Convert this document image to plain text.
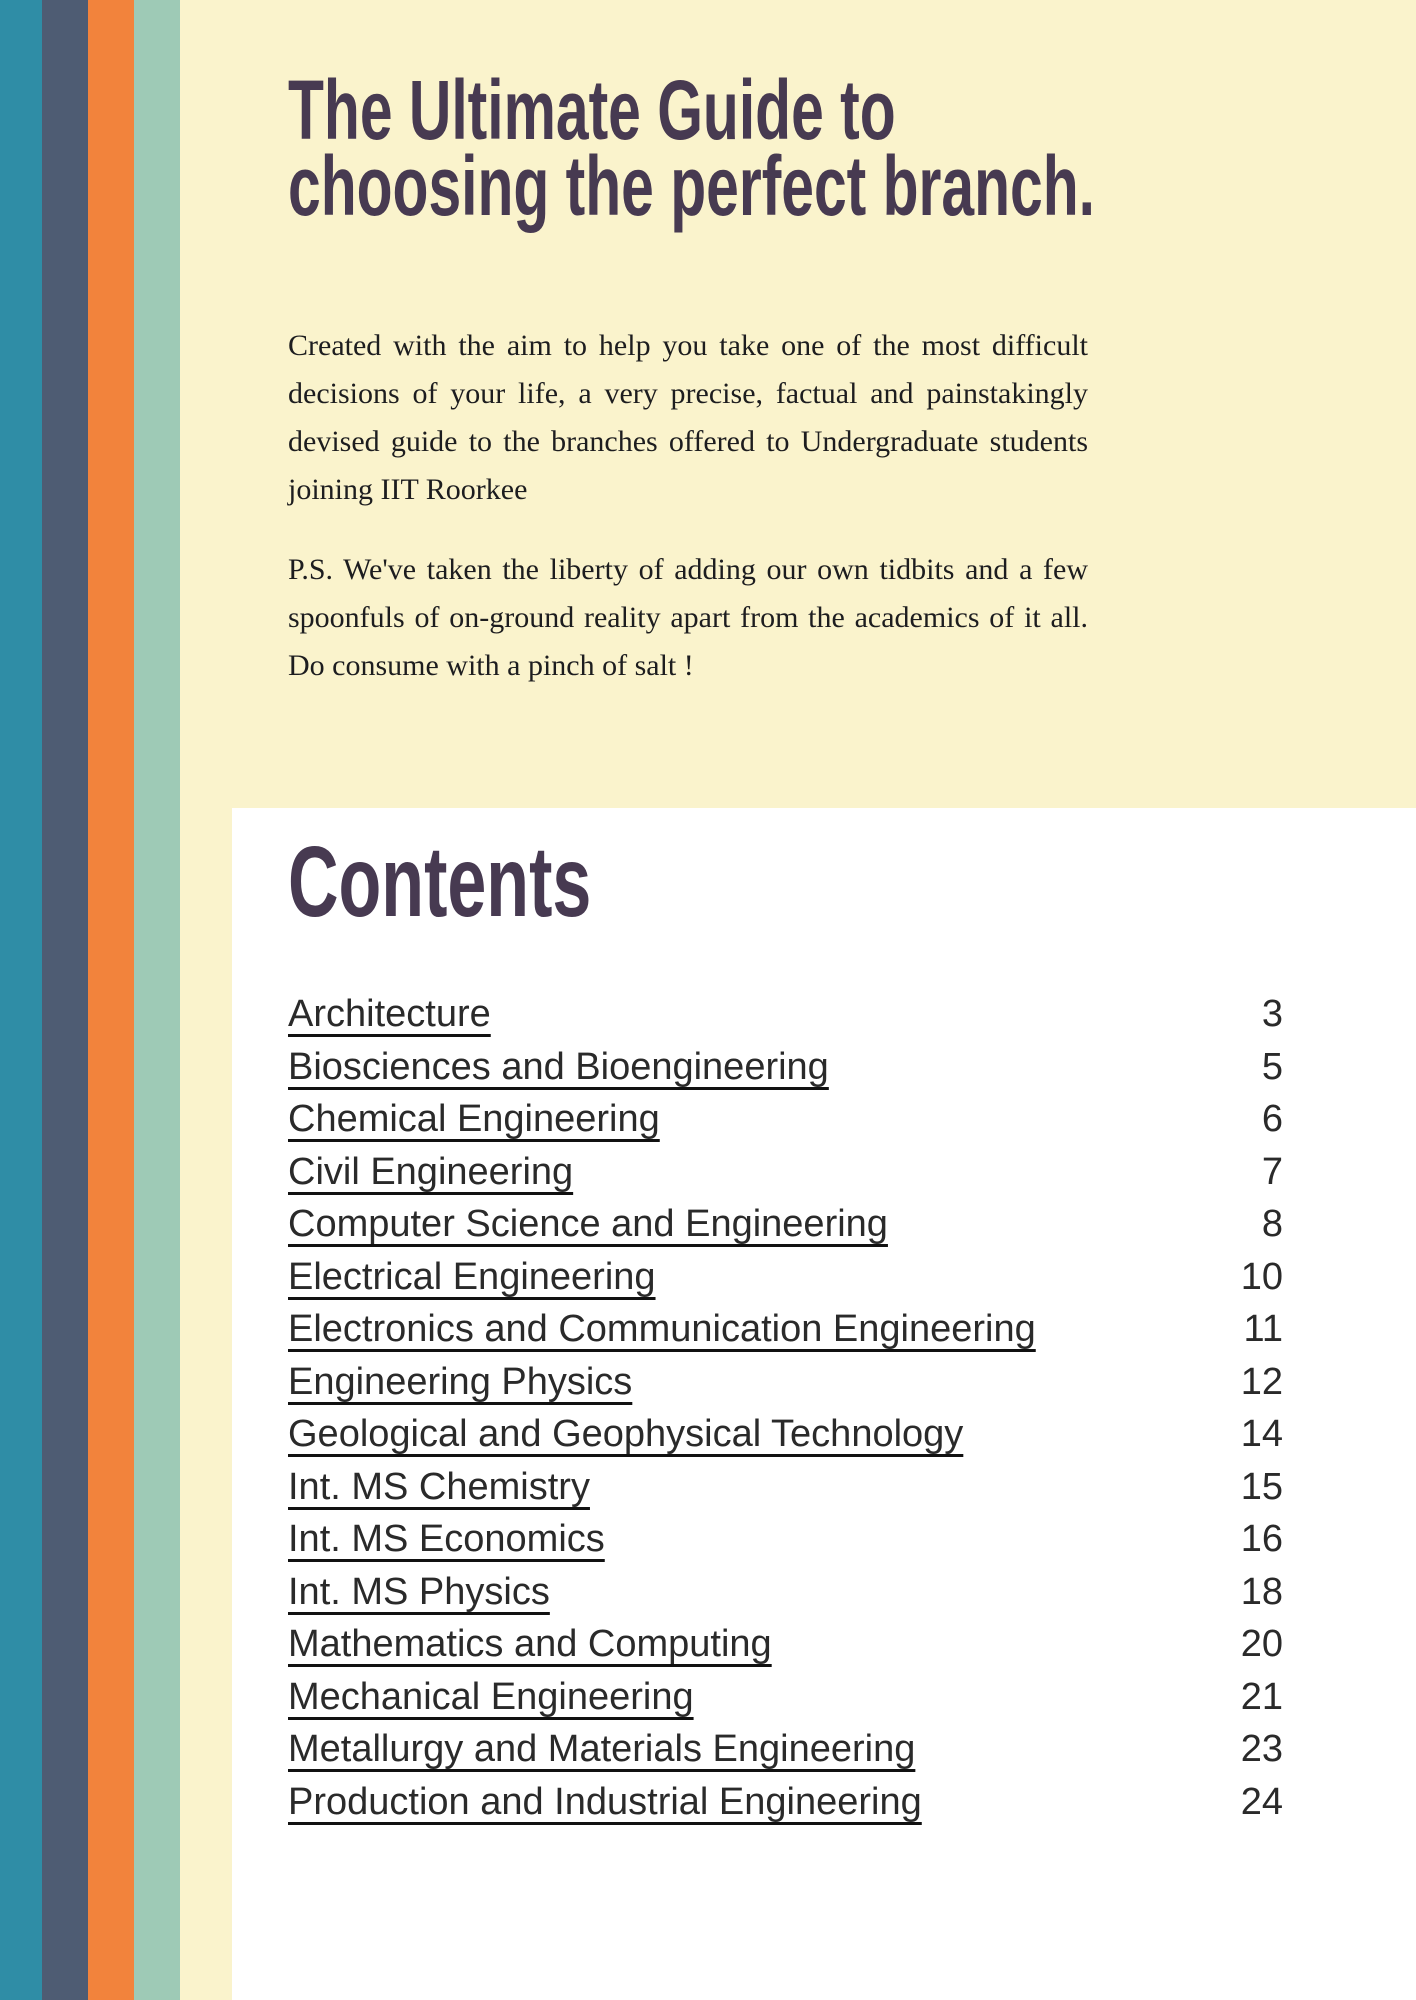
The Ultimate Guide to
choosing the perfect branch.

Created with the aim to help you take one of the most difficult decisions of your life, a very precise, factual and painstakingly devised guide to the branches offered to Undergraduate students joining IIT Roorkee

P.S. We've taken the liberty of adding our own tidbits and a few spoonfuls of on-ground reality apart from the academics of it all. Do consume with a pinch of salt !

Contents
Architecture	3
Biosciences and Bioengineering	5
Chemical Engineering	6
Civil Engineering	7
Computer Science and Engineering	8
Electrical Engineering	10
Electronics and Communication Engineering	11
Engineering Physics	12
Geological and Geophysical Technology	14
Int. MS Chemistry	15
Int. MS Economics	16
Int. MS Physics	18
Mathematics and Computing	20
Mechanical Engineering	21
Metallurgy and Materials Engineering	23
Production and Industrial Engineering	24
